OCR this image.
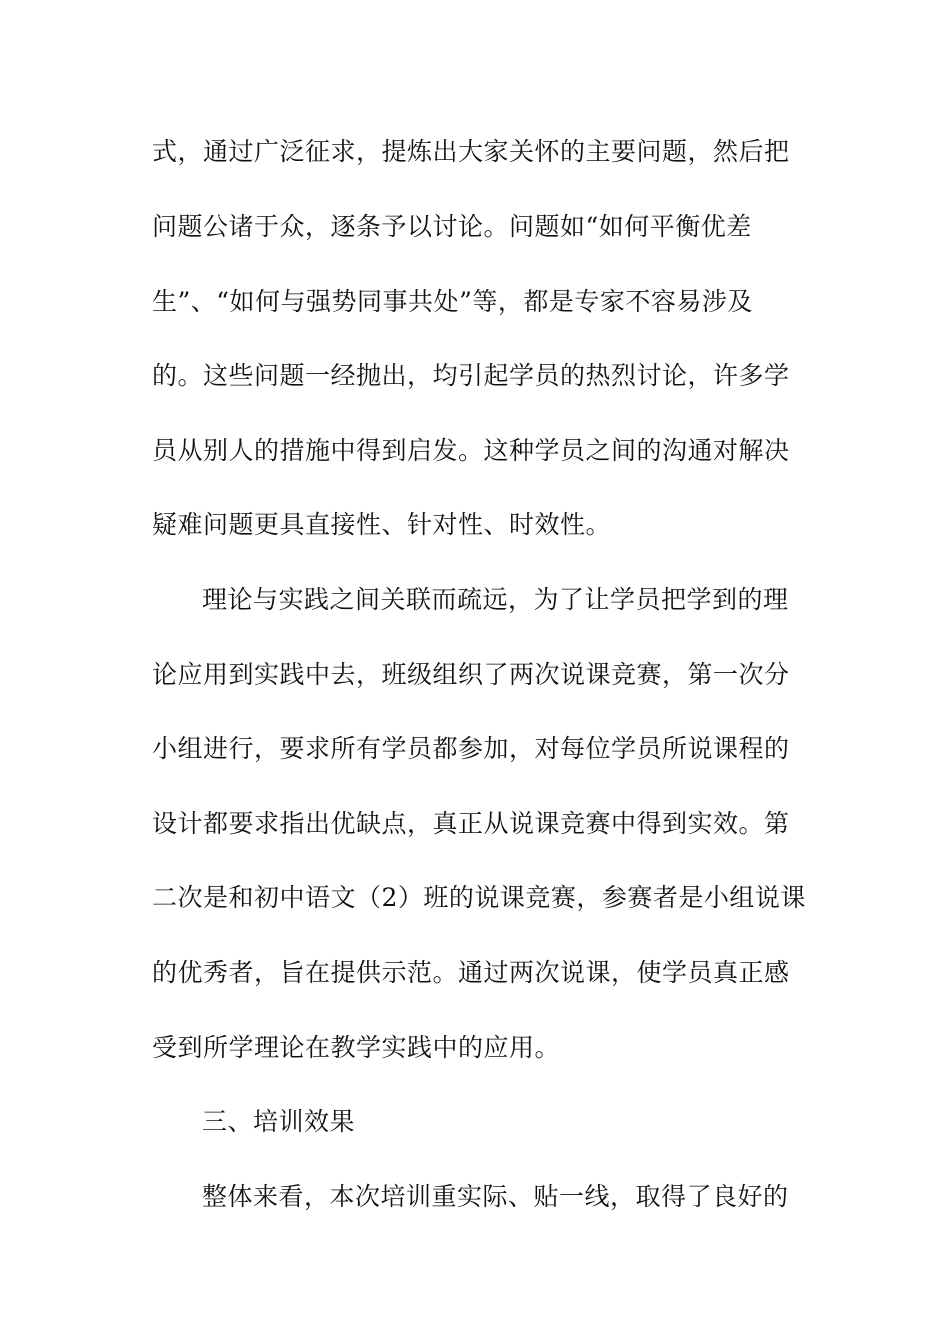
式，通过广泛征求，提炼出大家关怀的主要问题，然后把

问题公诸于众，逐条予以讨论。问题如“如何平衡优差

生”、“如何与强势同事共处”等，都是专家不容易涉及

的。这些问题一经抛出，均引起学员的热烈讨论，许多学

员从别人的措施中得到启发。这种学员之间的沟通对解决

疑难问题更具直接性、针对性、时效性。

理论与实践之间关联而疏远，为了让学员把学到的理

论应用到实践中去，班级组织了两次说课竞赛，第一次分

小组进行，要求所有学员都参加，对每位学员所说课程的

设计都要求指出优缺点，真正从说课竞赛中得到实效。第

二次是和初中语文（2）班的说课竞赛，参赛者是小组说课

的优秀者，旨在提供示范。通过两次说课，使学员真正感

受到所学理论在教学实践中的应用。

三、培训效果

整体来看，本次培训重实际、贴一线，取得了良好的
